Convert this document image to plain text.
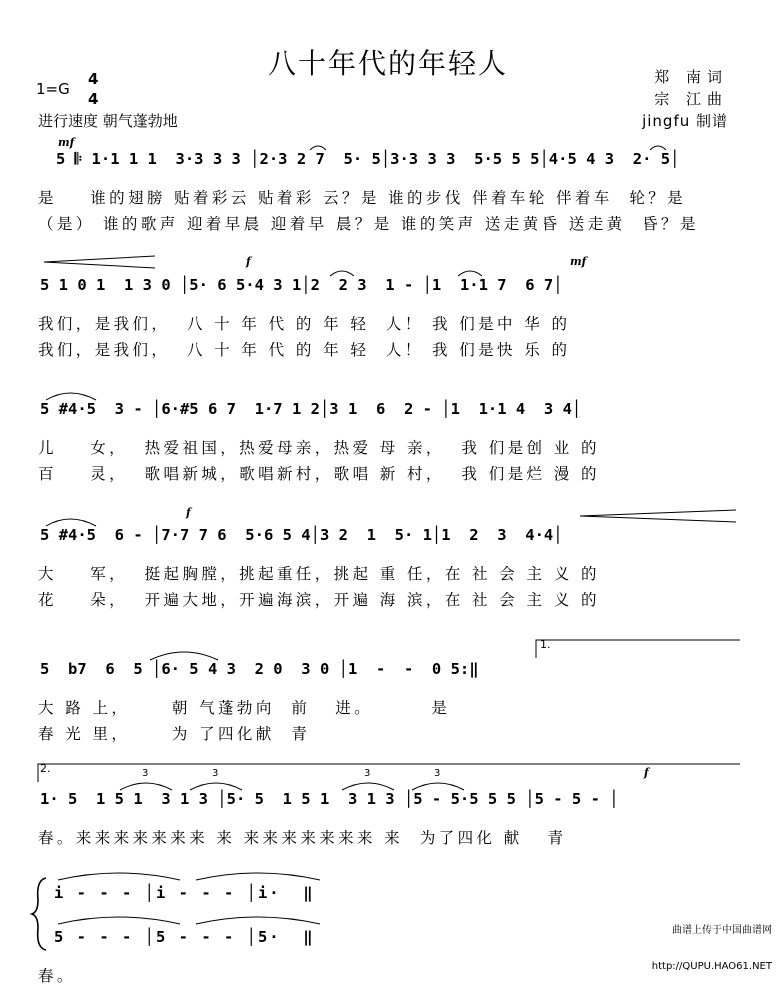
八十年代的年轻人
1=G
4
4
进行速度 朝气蓬勃地
郑 南词
宗 江曲
jingfu 制谱
mf
5 𝄆 1·1 1 1  3·3 3 3 │2·3 2 7  5· 5│3·3 3 3  5·5 5 5│4·5 4 3  2· 5│
是    谁的翅膀 贴着彩云 贴着彩 云？是 谁的步伐 伴着车轮 伴着车  轮？是
（是） 谁的歌声 迎着早晨 迎着早 晨？是 谁的笑声 送走黄昏 送走黄  昏？是
f	mf
5 1 0 1  1 3 0 │5· 6 5·4 3 1│2  2 3  1 - │1  1·1 7  6 7│
我们，是我们，  八 十 年 代 的 年 轻  人！ 我 们是中 华 的
我们，是我们，  八 十 年 代 的 年 轻  人！ 我 们是快 乐 的
5 #4·5  3 - │6·#5 6 7  1·7 1 2│3 1  6  2 - │1  1·1 4  3 4│
儿    女，  热爱祖国，热爱母亲，热爱 母 亲，  我 们是创 业 的
百    灵，  歌唱新城，歌唱新村，歌唱 新 村，  我 们是烂 漫 的
f
5 #4·5  6 - │7·7 7 6  5·6 5 4│3 2  1  5· 1│1  2  3  4·4│
大    军，  挺起胸膛，挑起重任，挑起 重 任，在 社 会 主 义 的
花    朵，  开遍大地，开遍海滨，开遍 海 滨，在 社 会 主 义 的
1.
5  b7  6  5 │6· 5 4 3  2 0  3 0 │1  -  -  0 5:‖
大 路 上，     朝 气蓬勃向  前   进。       是
春 光 里，     为 了四化献  青
2.	3	3	3	3	f
1· 5  1 5 1  3 1 3 │5· 5  1 5 1  3 1 3 │5 - 5·5 5 5 │5 - 5 - │
春。来来来来来来来 来 来来来来来来来 来  为了四化 献   青
i - - - │i - - - │i·  ‖
5 - - - │5 - - - │5·  ‖
春。

曲谱上传于中国曲谱网

http://QUPU.HAO61.NET
